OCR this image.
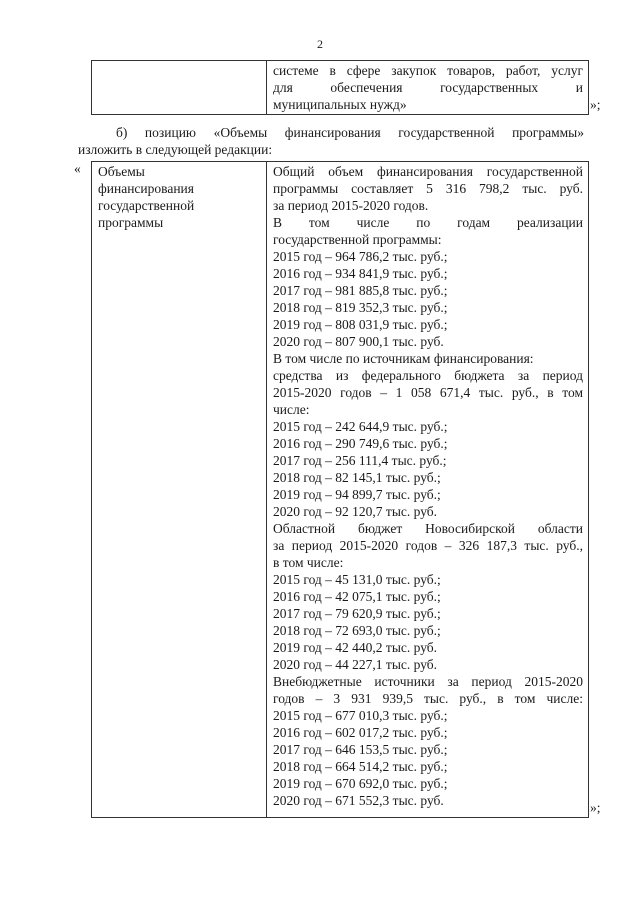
2

системе в сфере закупок товаров, работ, услуг
для обеспечения государственных и
муниципальных нужд»	»;
б) позицию «Объемы финансирования государственной программы»
изложить в следующей редакции:
« Объемы
финансирования
государственной
программы

Общий объем финансирования государственной
программы составляет 5 316 798,2 тыс. руб.
за период 2015-2020 годов.
В том числе по годам реализации
государственной программы:
2015 год – 964 786,2 тыс. руб.;
2016 год – 934 841,9 тыс. руб.;
2017 год – 981 885,8 тыс. руб.;
2018 год – 819 352,3 тыс. руб.;
2019 год – 808 031,9 тыс. руб.;
2020 год – 807 900,1 тыс. руб.
В том числе по источникам финансирования:
средства из федерального бюджета за период
2015-2020 годов – 1 058 671,4 тыс. руб., в том
числе:
2015 год – 242 644,9 тыс. руб.;
2016 год – 290 749,6 тыс. руб.;
2017 год – 256 111,4 тыс. руб.;
2018 год – 82 145,1 тыс. руб.;
2019 год – 94 899,7 тыс. руб.;
2020 год – 92 120,7 тыс. руб.
Областной бюджет Новосибирской области
за период 2015-2020 годов – 326 187,3 тыс. руб.,
в том числе:
2015 год – 45 131,0 тыс. руб.;
2016 год – 42 075,1 тыс. руб.;
2017 год – 79 620,9 тыс. руб.;
2018 год – 72 693,0 тыс. руб.;
2019 год – 42 440,2 тыс. руб.
2020 год – 44 227,1 тыс. руб.
Внебюджетные источники за период 2015-2020
годов – 3 931 939,5 тыс. руб., в том числе:
2015 год – 677 010,3 тыс. руб.;
2016 год – 602 017,2 тыс. руб.;
2017 год – 646 153,5 тыс. руб.;
2018 год – 664 514,2 тыс. руб.;
2019 год – 670 692,0 тыс. руб.;
2020 год – 671 552,3 тыс. руб.	»;
